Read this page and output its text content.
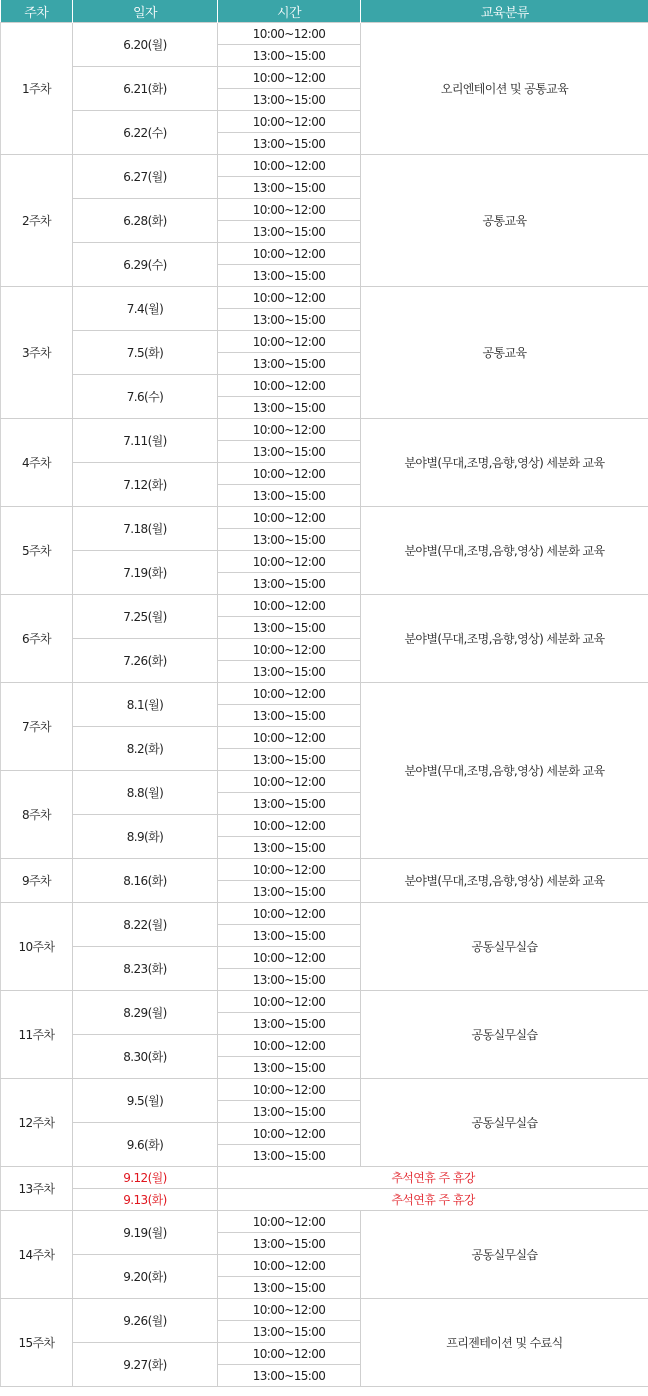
주차	일자	시간	교육분류
1주차	6.20(월)	10:00~12:00	오리엔테이션 및 공통교육
		13:00~15:00	
	6.21(화)	10:00~12:00	
		13:00~15:00	
	6.22(수)	10:00~12:00	
		13:00~15:00	
2주차	6.27(월)	10:00~12:00	공통교육
		13:00~15:00	
	6.28(화)	10:00~12:00	
		13:00~15:00	
	6.29(수)	10:00~12:00	
		13:00~15:00	
3주차	7.4(월)	10:00~12:00	공통교육
		13:00~15:00	
	7.5(화)	10:00~12:00	
		13:00~15:00	
	7.6(수)	10:00~12:00	
		13:00~15:00	
4주차	7.11(월)	10:00~12:00	분야별(무대,조명,음향,영상) 세분화 교육
		13:00~15:00	
	7.12(화)	10:00~12:00	
		13:00~15:00	
5주차	7.18(월)	10:00~12:00	분야별(무대,조명,음향,영상) 세분화 교육
		13:00~15:00	
	7.19(화)	10:00~12:00	
		13:00~15:00	
6주차	7.25(월)	10:00~12:00	분야별(무대,조명,음향,영상) 세분화 교육
		13:00~15:00	
	7.26(화)	10:00~12:00	
		13:00~15:00	
7주차	8.1(월)	10:00~12:00	분야별(무대,조명,음향,영상) 세분화 교육
		13:00~15:00	
	8.2(화)	10:00~12:00	
		13:00~15:00	
8주차	8.8(월)	10:00~12:00	
		13:00~15:00	
	8.9(화)	10:00~12:00	
		13:00~15:00	
9주차	8.16(화)	10:00~12:00	분야별(무대,조명,음향,영상) 세분화 교육
		13:00~15:00	
10주차	8.22(월)	10:00~12:00	공동실무실습
		13:00~15:00	
	8.23(화)	10:00~12:00	
		13:00~15:00	
11주차	8.29(월)	10:00~12:00	공동실무실습
		13:00~15:00	
	8.30(화)	10:00~12:00	
		13:00~15:00	
12주차	9.5(월)	10:00~12:00	공동실무실습
		13:00~15:00	
	9.6(화)	10:00~12:00	
		13:00~15:00	
13주차	9.12(월)	추석연휴 주 휴강	
	9.13(화)	추석연휴 주 휴강	
14주차	9.19(월)	10:00~12:00	공동실무실습
		13:00~15:00	
	9.20(화)	10:00~12:00	
		13:00~15:00	
15주차	9.26(월)	10:00~12:00	프리젠테이션 및 수료식
		13:00~15:00	
	9.27(화)	10:00~12:00	
		13:00~15:00	
